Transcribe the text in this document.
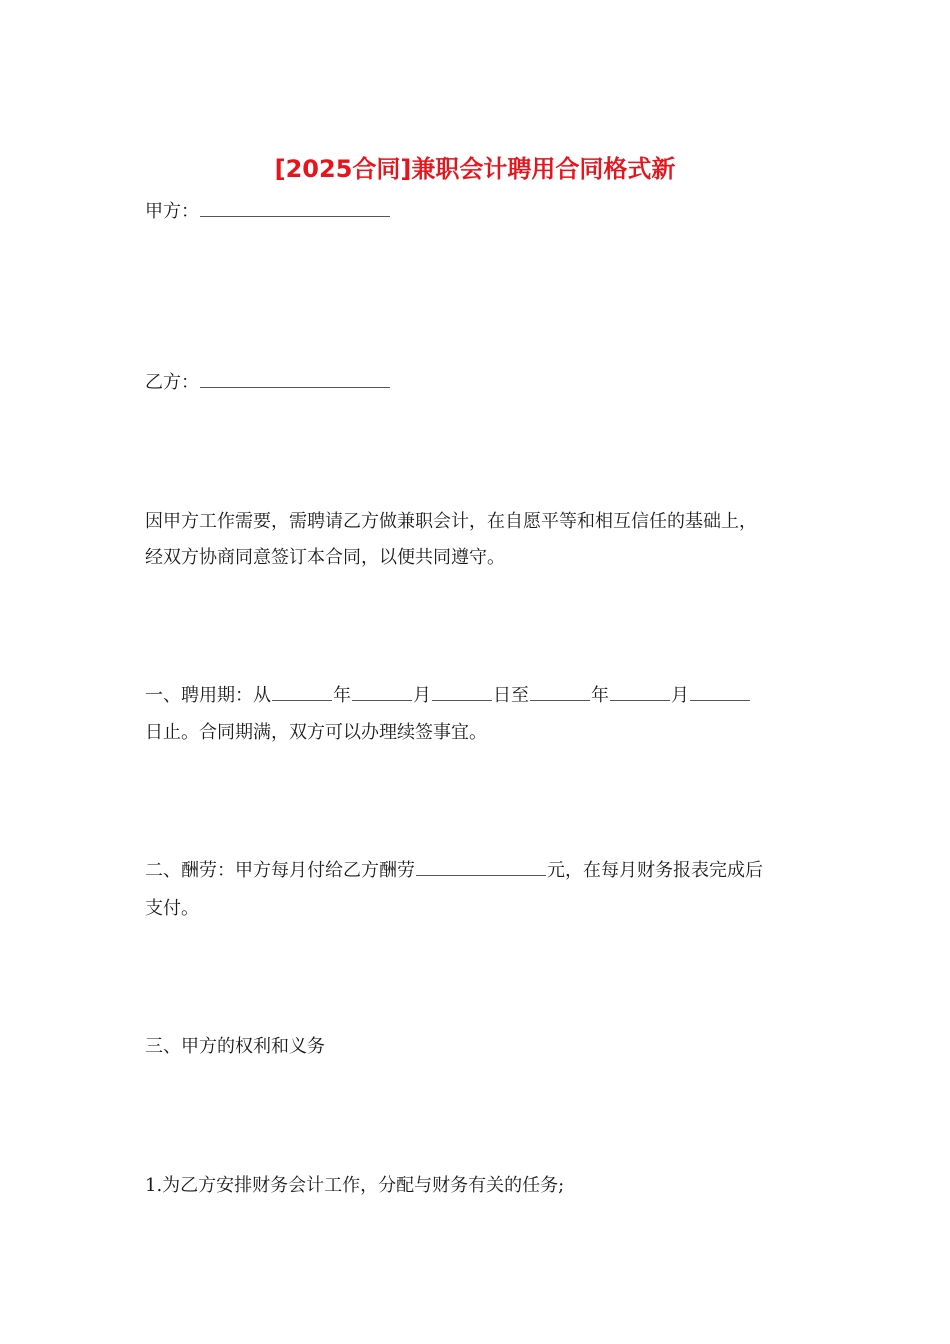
[2025合同]兼职会计聘用合同格式新
甲方：
乙方：
因甲方工作需要，需聘请乙方做兼职会计，在自愿平等和相互信任的基础上，
经双方协商同意签订本合同，以便共同遵守。
一、聘用期：从	年	月	日至	年	月
日止。合同期满，双方可以办理续签事宜。
二、酬劳：甲方每月付给乙方酬劳	元，在每月财务报表完成后
支付。
三、甲方的权利和义务
1.为乙方安排财务会计工作，分配与财务有关的任务;
